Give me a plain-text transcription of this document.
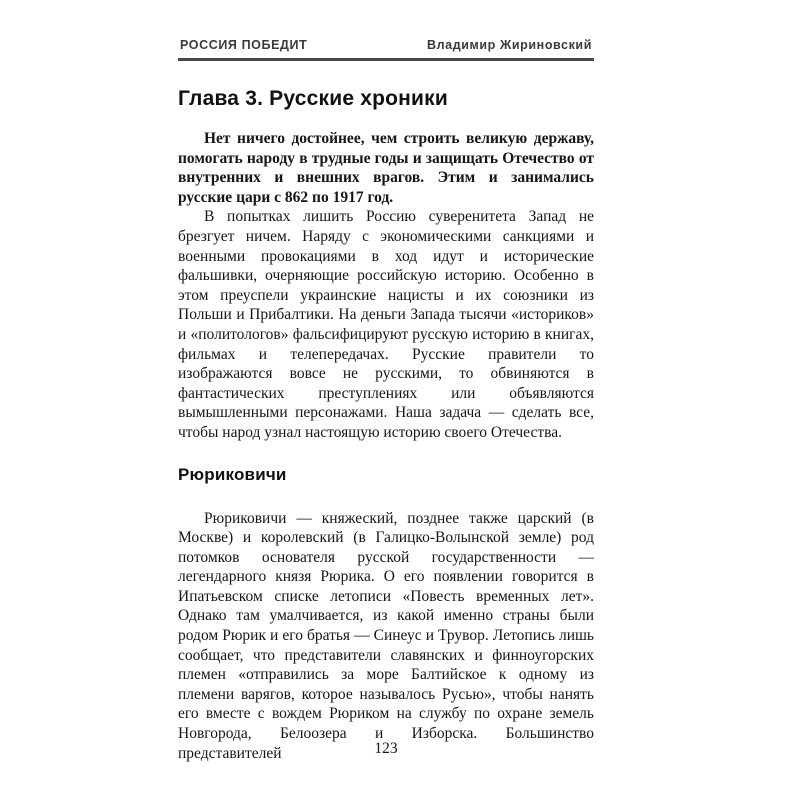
РОССИЯ ПОБЕДИТ	Владимир Жириновский
Глава 3. Русские хроники

Нет ничего достойнее, чем строить великую державу, помогать народу в трудные годы и защищать Отечество от внутренних и внешних врагов. Этим и занимались русские цари с 862 по 1917 год.

В попытках лишить Россию суверенитета Запад не брезгует ничем. Наряду с экономическими санкциями и военными провокациями в ход идут и исторические фальшивки, очерняющие российскую историю. Особенно в этом преуспели украинские нацисты и их союзники из Польши и Прибалтики. На деньги Запада тысячи «историков» и «политологов» фальсифицируют русскую историю в книгах, фильмах и телепередачах. Русские правители то изображаются вовсе не русскими, то обвиняются в фантастических преступлениях или объявляются вымышленными персонажами. Наша задача — сделать все, чтобы народ узнал настоящую историю своего Отечества.

Рюриковичи

Рюриковичи — княжеский, позднее также царский (в Москве) и королевский (в Галицко-Волынской земле) род потомков основателя русской государственности — легендарного князя Рюрика. О его появлении говорится в Ипатьевском списке летописи «Повесть временных лет». Однако там умалчивается, из какой именно страны были родом Рюрик и его братья — Синеус и Трувор. Летопись лишь сообщает, что представители славянских и финноугорских племен «отправились за море Балтийское к одному из племени варягов, которое называлось Русью», чтобы нанять его вместе с вождем Рюриком на службу по охране земель Новгорода, Белоозера и Изборска. Большинство представителей	123
